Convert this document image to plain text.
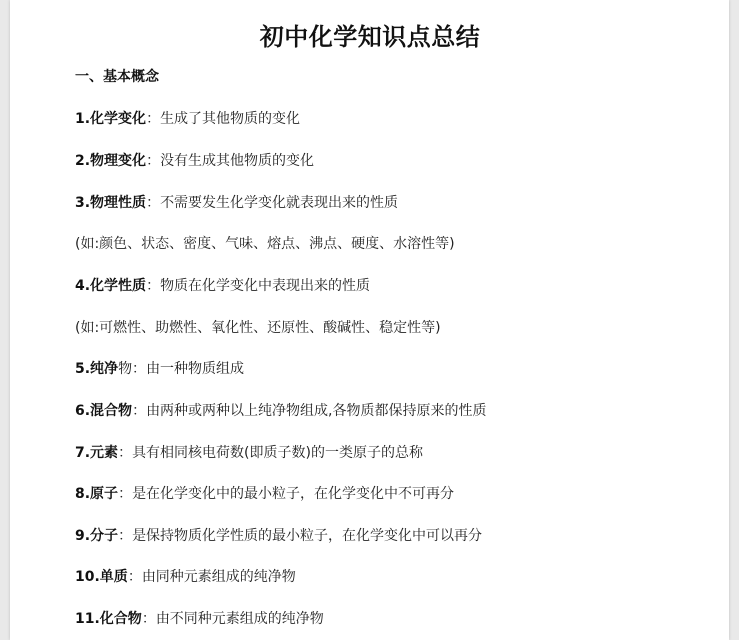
初中化学知识点总结
一、基本概念
1.化学变化：生成了其他物质的变化
2.物理变化：没有生成其他物质的变化
3.物理性质：不需要发生化学变化就表现出来的性质
(如:颜色、状态、密度、气味、熔点、沸点、硬度、水溶性等)
4.化学性质：物质在化学变化中表现出来的性质
(如:可燃性、助燃性、氧化性、还原性、酸碱性、稳定性等)
5.纯净物：由一种物质组成
6.混合物：由两种或两种以上纯净物组成,各物质都保持原来的性质
7.元素：具有相同核电荷数(即质子数)的一类原子的总称
8.原子：是在化学变化中的最小粒子，在化学变化中不可再分
9.分子：是保持物质化学性质的最小粒子，在化学变化中可以再分
10.单质：由同种元素组成的纯净物
11.化合物：由不同种元素组成的纯净物
